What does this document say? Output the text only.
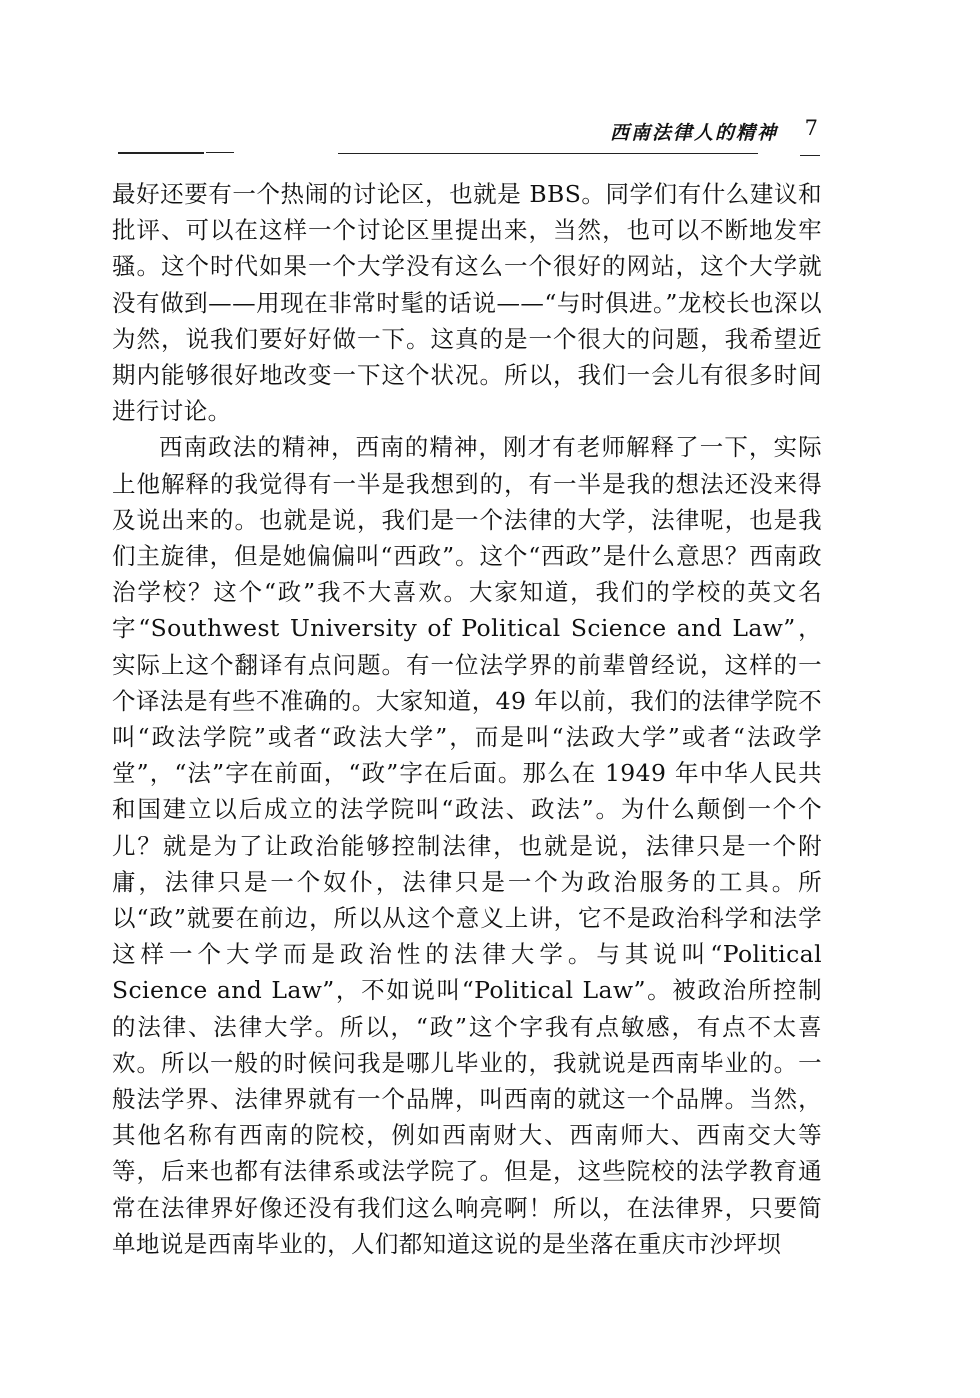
西南法律人的精神 7

最好还要有一个热闹的讨论区，也就是 BBS。同学们有什么建议和批评、可以在这样一个讨论区里提出来，当然，也可以不断地发牢骚。这个时代如果一个大学没有这么一个很好的网站，这个大学就没有做到——用现在非常时髦的话说——“与时俱进。”龙校长也深以为然，说我们要好好做一下。这真的是一个很大的问题，我希望近期内能够很好地改变一下这个状况。所以，我们一会儿有很多时间进行讨论。

西南政法的精神，西南的精神，刚才有老师解释了一下，实际上他解释的我觉得有一半是我想到的，有一半是我的想法还没来得及说出来的。也就是说，我们是一个法律的大学，法律呢，也是我们主旋律，但是她偏偏叫“西政”。这个“西政”是什么意思？西南政治学校？这个“政”我不大喜欢。大家知道，我们的学校的英文名字“Southwest University of Political Science and Law”，实际上这个翻译有点问题。有一位法学界的前辈曾经说，这样的一个译法是有些不准确的。大家知道，49 年以前，我们的法律学院不叫“政法学院”或者“政法大学”，而是叫“法政大学”或者“法政学堂”，“法”字在前面，“政”字在后面。那么在 1949 年中华人民共和国建立以后成立的法学院叫“政法、政法”。为什么颠倒一个个儿？就是为了让政治能够控制法律，也就是说，法律只是一个附庸，法律只是一个奴仆，法律只是一个为政治服务的工具。所以“政”就要在前边，所以从这个意义上讲，它不是政治科学和法学这样一个大学而是政治性的法律大学。与其说叫“Political Science and Law”，不如说叫“Political Law”。被政治所控制的法律、法律大学。所以，“政”这个字我有点敏感，有点不太喜欢。所以一般的时候问我是哪儿毕业的，我就说是西南毕业的。一般法学界、法律界就有一个品牌，叫西南的就这一个品牌。当然，其他名称有西南的院校，例如西南财大、西南师大、西南交大等等，后来也都有法律系或法学院了。但是，这些院校的法学教育通常在法律界好像还没有我们这么响亮啊！所以，在法律界，只要简单地说是西南毕业的，人们都知道这说的是坐落在重庆市沙坪坝
